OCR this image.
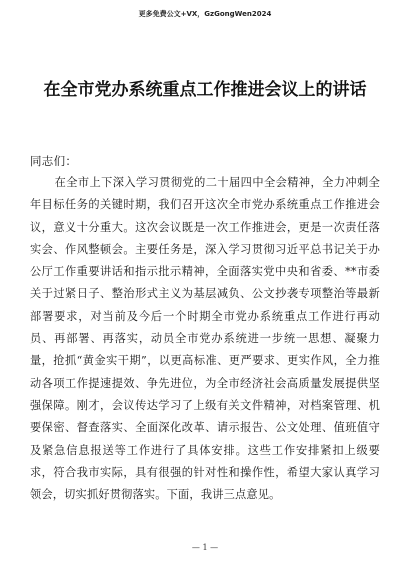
更多免费公文+VX，GzGongWen2024
在全市党办系统重点工作推进会议上的讲话
同志们：

在全市上下深入学习贯彻党的二十届四中全会精神，全力冲刺全年目标任务的关键时期，我们召开这次全市党办系统重点工作推进会议，意义十分重大。这次会议既是一次工作推进会，更是一次责任落实会、作风整顿会。主要任务是，深入学习贯彻习近平总书记关于办公厅工作重要讲话和指示批示精神，全面落实党中央和省委、**市委关于过紧日子、整治形式主义为基层减负、公文抄袭专项整治等最新部署要求，对当前及今后一个时期全市党办系统重点工作进行再动员、再部署、再落实，动员全市党办系统进一步统一思想、凝聚力量，抢抓“黄金实干期”，以更高标准、更严要求、更实作风，全力推动各项工作提速提效、争先进位，为全市经济社会高质量发展提供坚强保障。刚才，会议传达学习了上级有关文件精神，对档案管理、机要保密、督查落实、全面深化改革、请示报告、公文处理、值班值守及紧急信息报送等工作进行了具体安排。这些工作安排紧扣上级要求，符合我市实际，具有很强的针对性和操作性，希望大家认真学习领会，切实抓好贯彻落实。下面，我讲三点意见。

— 1 —
